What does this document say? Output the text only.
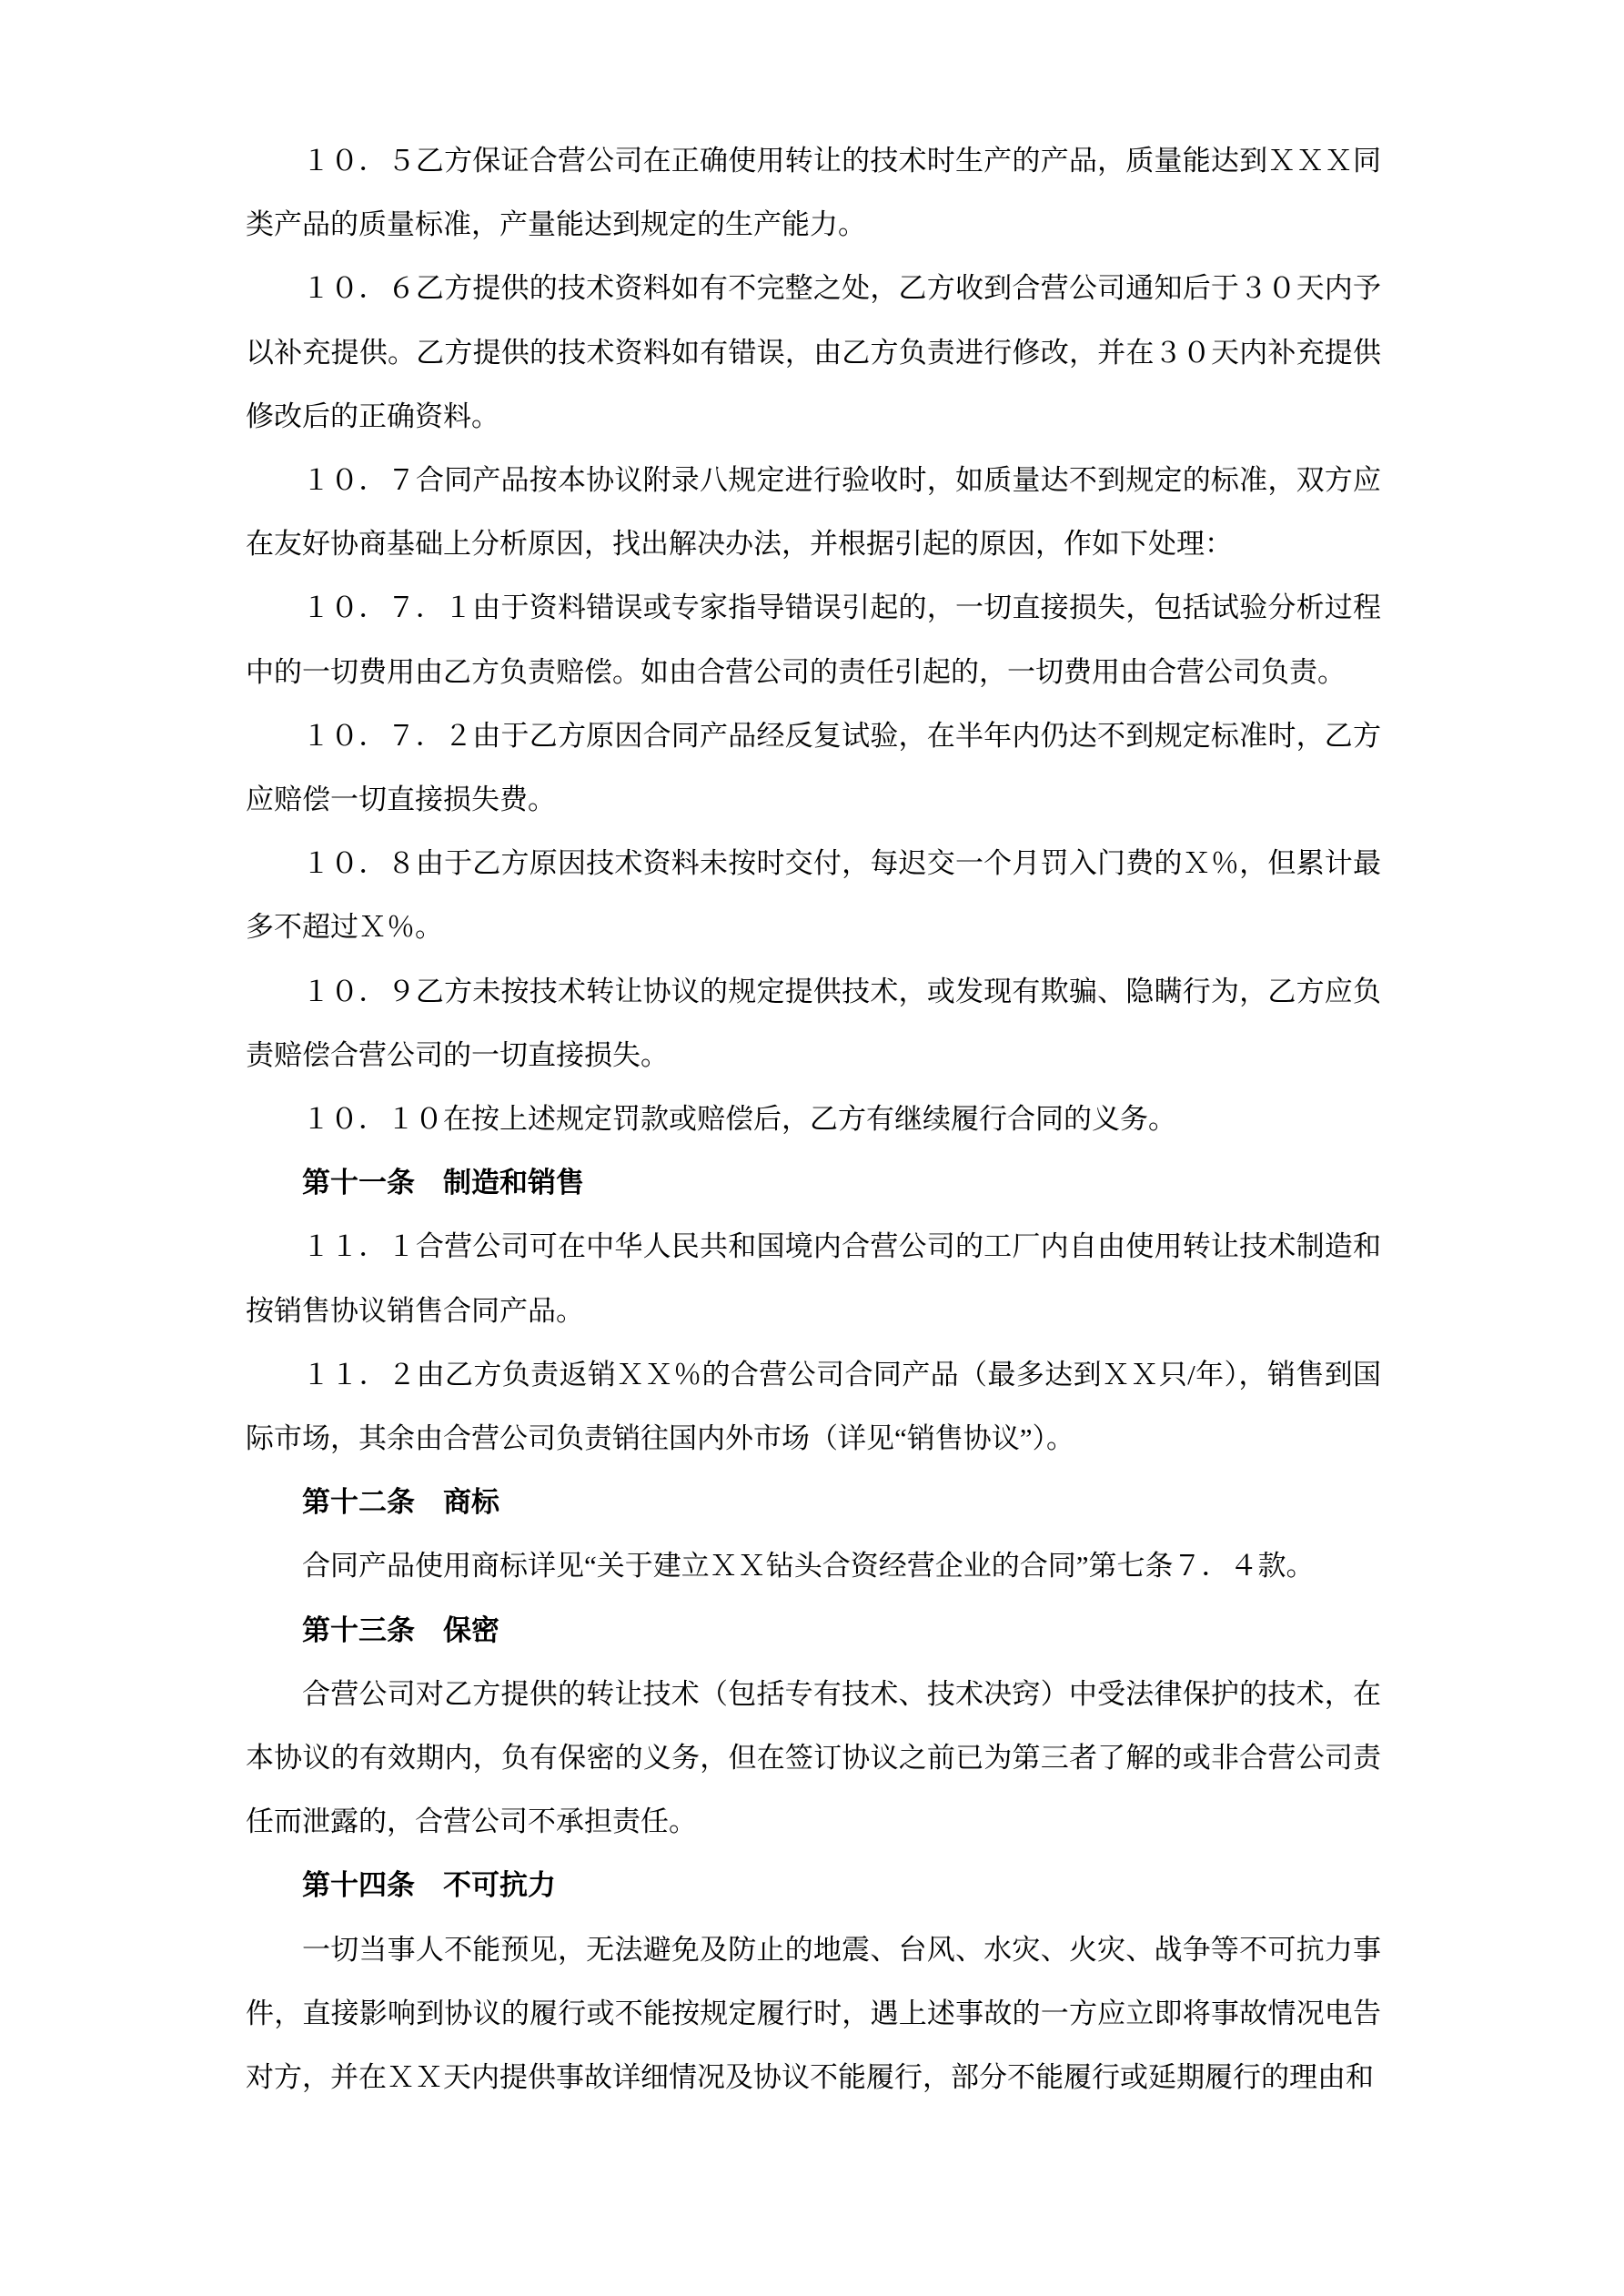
１０．５乙方保证合营公司在正确使用转让的技术时生产的产品，质量能达到ＸＸＸ同类产品的质量标准，产量能达到规定的生产能力。

１０．６乙方提供的技术资料如有不完整之处，乙方收到合营公司通知后于３０天内予以补充提供。乙方提供的技术资料如有错误，由乙方负责进行修改，并在３０天内补充提供修改后的正确资料。

１０．７合同产品按本协议附录八规定进行验收时，如质量达不到规定的标准，双方应在友好协商基础上分析原因，找出解决办法，并根据引起的原因，作如下处理：

１０．７．１由于资料错误或专家指导错误引起的，一切直接损失，包括试验分析过程中的一切费用由乙方负责赔偿。如由合营公司的责任引起的，一切费用由合营公司负责。

１０．７．２由于乙方原因合同产品经反复试验，在半年内仍达不到规定标准时，乙方应赔偿一切直接损失费。

１０．８由于乙方原因技术资料未按时交付，每迟交一个月罚入门费的Ｘ％，但累计最多不超过Ｘ％。

１０．９乙方未按技术转让协议的规定提供技术，或发现有欺骗、隐瞒行为，乙方应负责赔偿合营公司的一切直接损失。

１０．１０在按上述规定罚款或赔偿后，乙方有继续履行合同的义务。

第十一条　制造和销售

１１．１合营公司可在中华人民共和国境内合营公司的工厂内自由使用转让技术制造和按销售协议销售合同产品。

１１．２由乙方负责返销ＸＸ％的合营公司合同产品（最多达到ＸＸ只/年），销售到国际市场，其余由合营公司负责销往国内外市场（详见“销售协议”）。

第十二条　商标

合同产品使用商标详见“关于建立ＸＸ钻头合资经营企业的合同”第七条７．４款。

第十三条　保密

合营公司对乙方提供的转让技术（包括专有技术、技术决窍）中受法律保护的技术，在本协议的有效期内，负有保密的义务，但在签订协议之前已为第三者了解的或非合营公司责任而泄露的，合营公司不承担责任。

第十四条　不可抗力

一切当事人不能预见，无法避免及防止的地震、台风、水灾、火灾、战争等不可抗力事件，直接影响到协议的履行或不能按规定履行时，遇上述事故的一方应立即将事故情况电告对方，并在ＸＸ天内提供事故详细情况及协议不能履行，部分不能履行或延期履行的理由和
